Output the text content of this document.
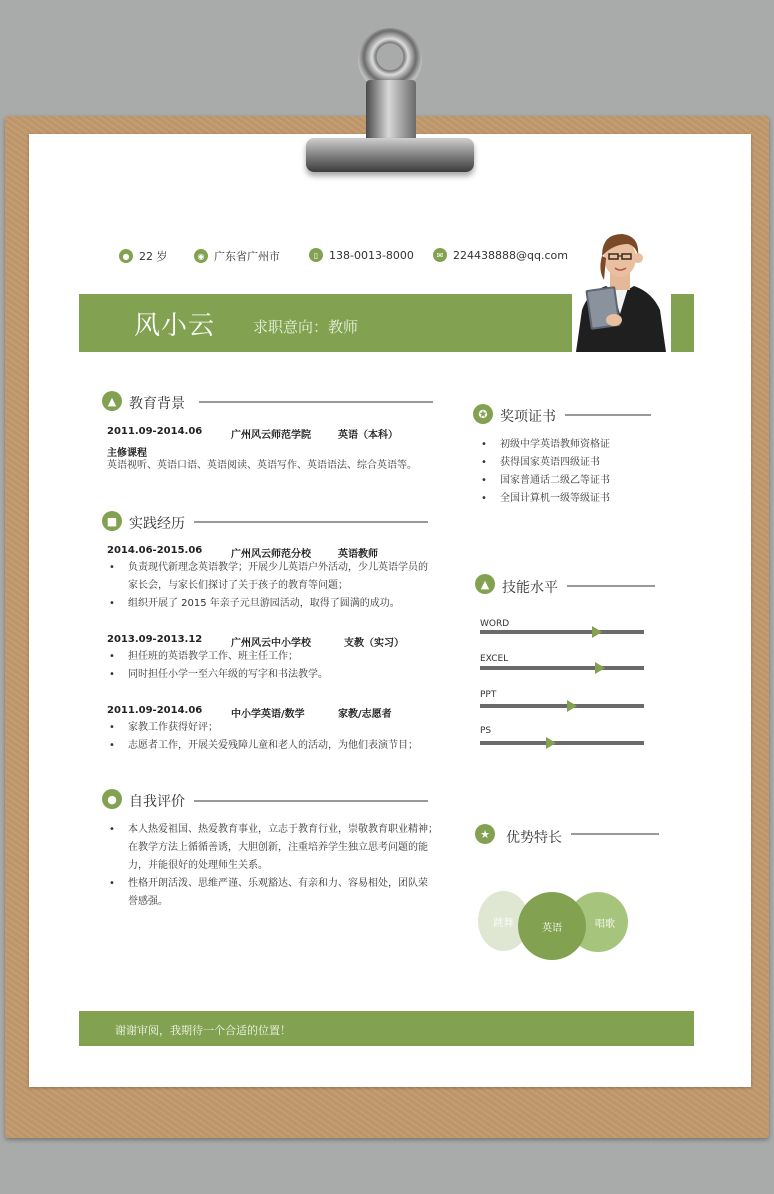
● 22 岁	◉ 广东省广州市	▯ 138-0013-8000	✉ 224438888@qq.com
风小云	求职意向：教师
▲ 教育背景
2011.09-2014.06	广州风云师范学院	英语（本科）
主修课程
英语视听、英语口语、英语阅读、英语写作、英语语法、综合英语等。
■ 实践经历
2014.06-2015.06	广州风云师范分校	英语教师
• 负责现代新理念英语教学；开展少儿英语户外活动，少儿英语学员的
家长会，与家长们探讨了关于孩子的教育等问题；
• 组织开展了 2015 年亲子元旦游园活动，取得了圆满的成功。
2013.09-2013.12	广州风云中小学校	支教（实习）
• 担任班的英语教学工作、班主任工作；
• 同时担任小学一至六年级的写字和书法教学。
2011.09-2014.06	中小学英语/数学	家教/志愿者
• 家教工作获得好评；
• 志愿者工作，开展关爱残障儿童和老人的活动，为他们表演节目；
● 自我评价
• 本人热爱祖国、热爱教育事业，立志于教育行业，崇敬教育职业精神；
在教学方法上循循善诱，大胆创新，注重培养学生独立思考问题的能
力，并能很好的处理师生关系。
• 性格开朗活泼、思维严谨、乐观豁达、有亲和力、容易相处，团队荣
誉感强。
✪ 奖项证书
• 初级中学英语教师资格证
• 获得国家英语四级证书
• 国家普通话二级乙等证书
• 全国计算机一级等级证书
▲ 技能水平
WORD
EXCEL
PPT
PS
★	优势特长
跳舞	唱歌
英语
谢谢审阅，我期待一个合适的位置！
